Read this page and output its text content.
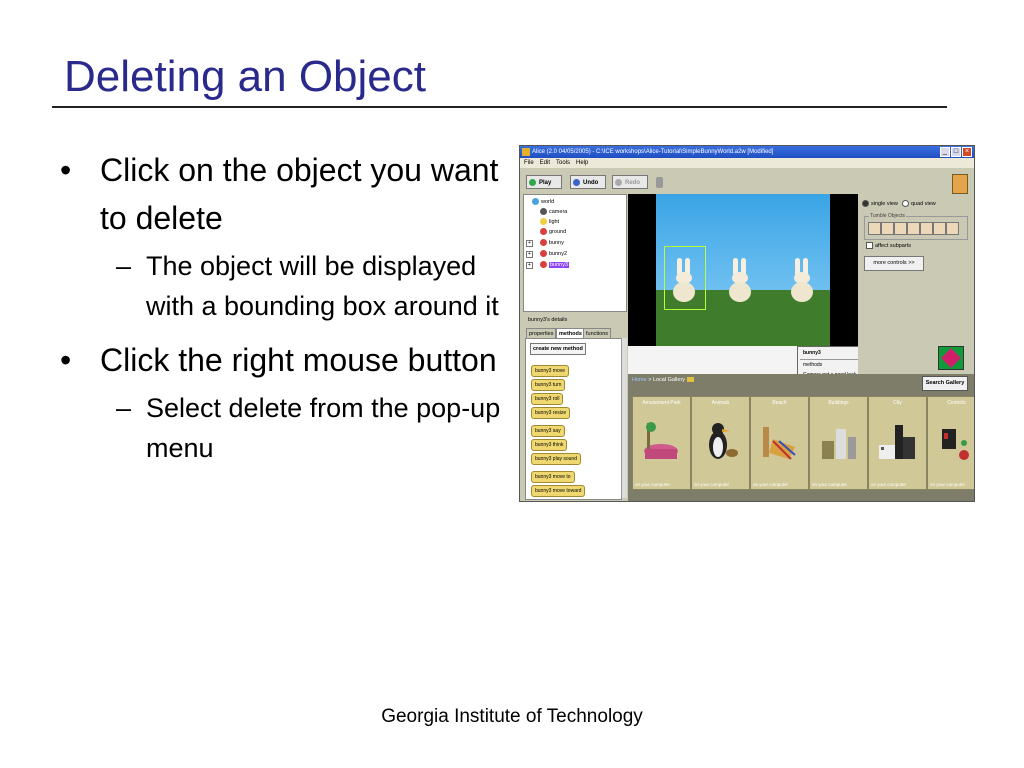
Deleting an Object
• Click on the object you want to delete
– The object will be displayed with a bounding box around it
• Click the right mouse button
– Select delete from the pop-up menu
Georgia Institute of Technology
Alice (2.0 04/05/2005) - C:\ICE workshops\Alice-Tutorial\SimpleBunnyWorld.a2w [Modified]	_ □ ×
File Edit Tools Help
Play	Undo	Redo
world
camera
light
ground
+	bunny
+	bunny2
+	bunny3
bunny3's details
properties	methods functions
create new method
bunny3 move
bunny3 turn
bunny3 roll
bunny3 resize
bunny3 say
bunny3 think
bunny3 play sound
bunny3 move to
bunny3 move toward
bunny3
methods
single view	quad view
Tumble Objects
affect subparts
more controls >>
Home > Local Gallery	Search Gallery
Amusement Park
on your computer
Animals
on your computer
Beach
on your computer
Buildings
on your computer
City
on your computer
Controls
on your computer
